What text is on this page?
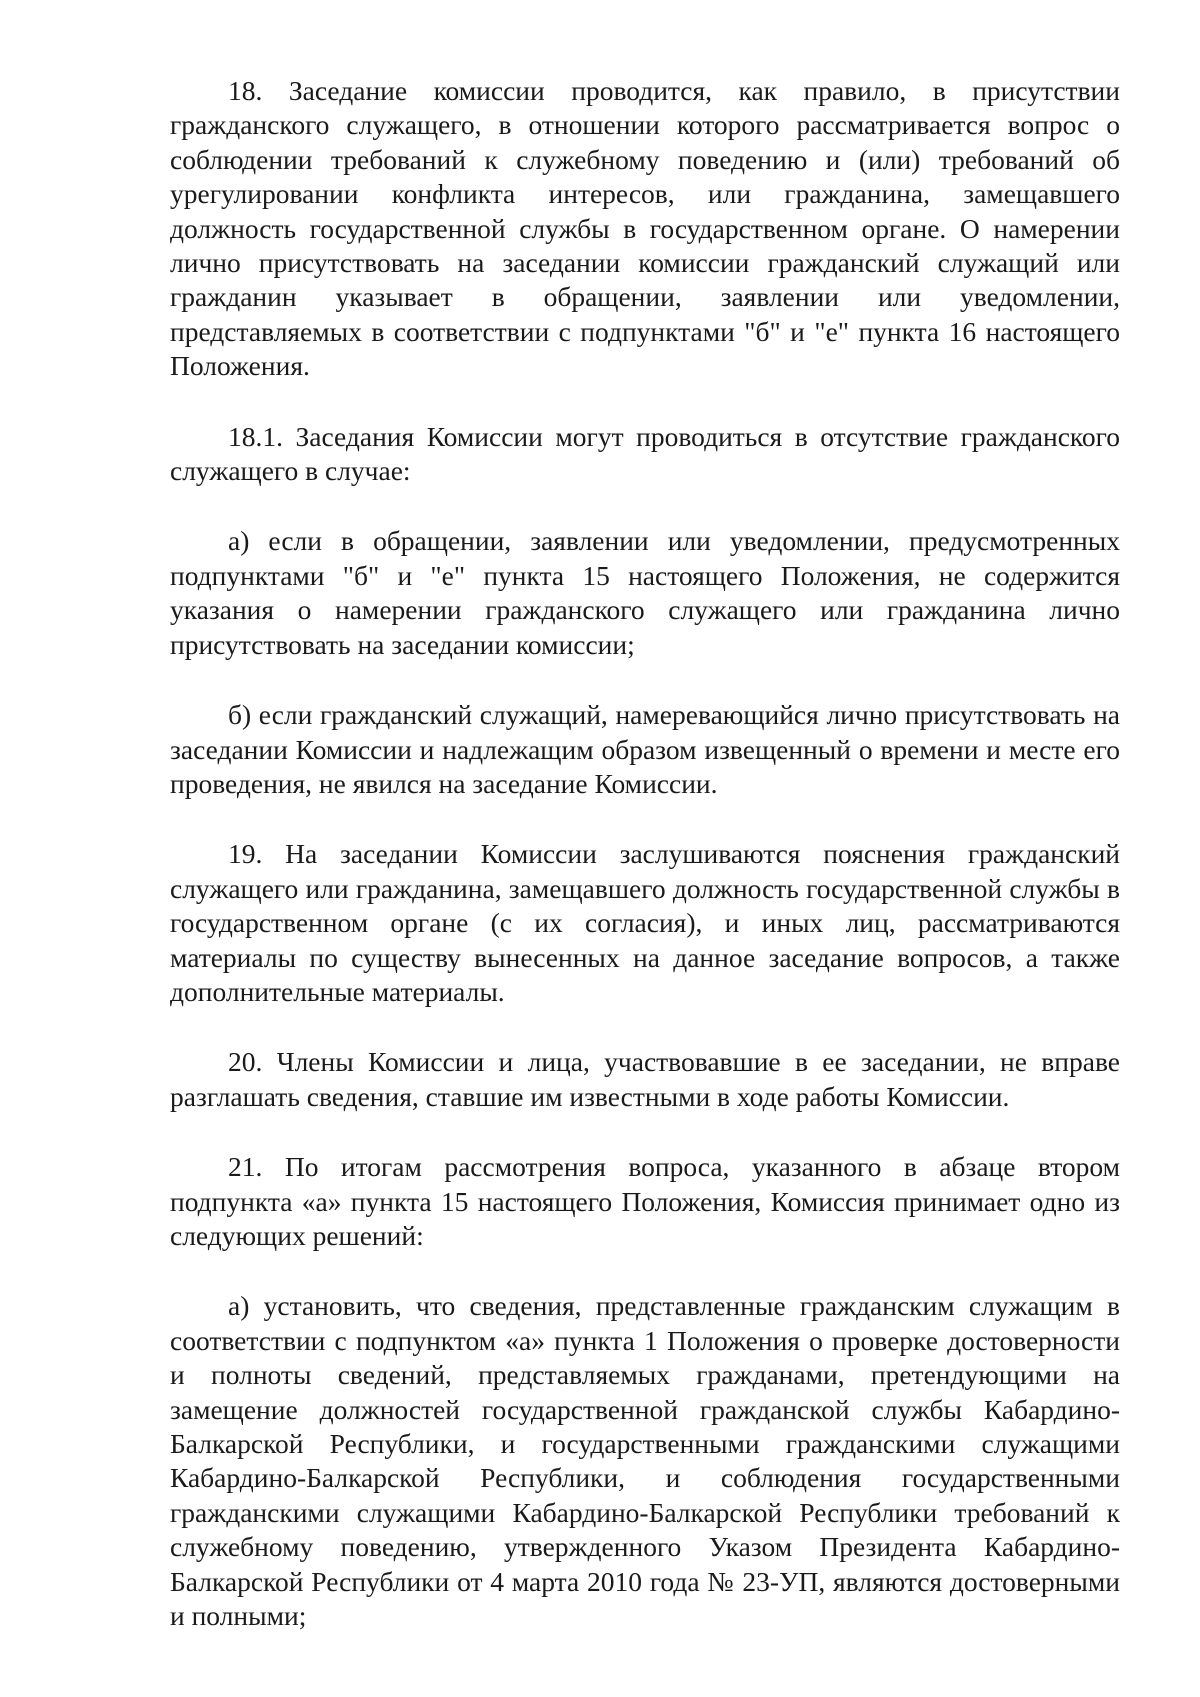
18. Заседание комиссии проводится, как правило, в присутствии гражданского служащего, в отношении которого рассматривается вопрос о соблюдении требований к служебному поведению и (или) требований об урегулировании конфликта интересов, или гражданина, замещавшего должность государственной службы в государственном органе. О намерении лично присутствовать на заседании комиссии гражданский служащий или гражданин указывает в обращении, заявлении или уведомлении, представляемых в соответствии с подпунктами "б" и "е" пункта 16 настоящего Положения.

18.1. Заседания Комиссии могут проводиться в отсутствие гражданского служащего в случае:

а) если в обращении, заявлении или уведомлении, предусмотренных подпунктами "б" и "е" пункта 15 настоящего Положения, не содержится указания о намерении гражданского служащего или гражданина лично присутствовать на заседании комиссии;

б) если гражданский служащий, намеревающийся лично присутствовать на заседании Комиссии и надлежащим образом извещенный о времени и месте его проведения, не явился на заседание Комиссии.

19. На заседании Комиссии заслушиваются пояснения гражданский служащего или гражданина, замещавшего должность государственной службы в государственном органе (с их согласия), и иных лиц, рассматриваются материалы по существу вынесенных на данное заседание вопросов, а также дополнительные материалы.

20. Члены Комиссии и лица, участвовавшие в ее заседании, не вправе разглашать сведения, ставшие им известными в ходе работы Комиссии.

21. По итогам рассмотрения вопроса, указанного в абзаце втором подпункта «а» пункта 15 настоящего Положения, Комиссия принимает одно из следующих решений:

а) установить, что сведения, представленные гражданским служащим в соответствии с подпунктом «а» пункта 1 Положения о проверке достоверности и полноты сведений, представляемых гражданами, претендующими на замещение должностей государственной гражданской службы Кабардино-Балкарской Республики, и государственными гражданскими служащими Кабардино-Балкарской Республики, и соблюдения государственными гражданскими служащими Кабардино-Балкарской Республики требований к служебному поведению, утвержденного Указом Президента Кабардино-Балкарской Республики от 4 марта 2010 года № 23-УП, являются достоверными и полными;
